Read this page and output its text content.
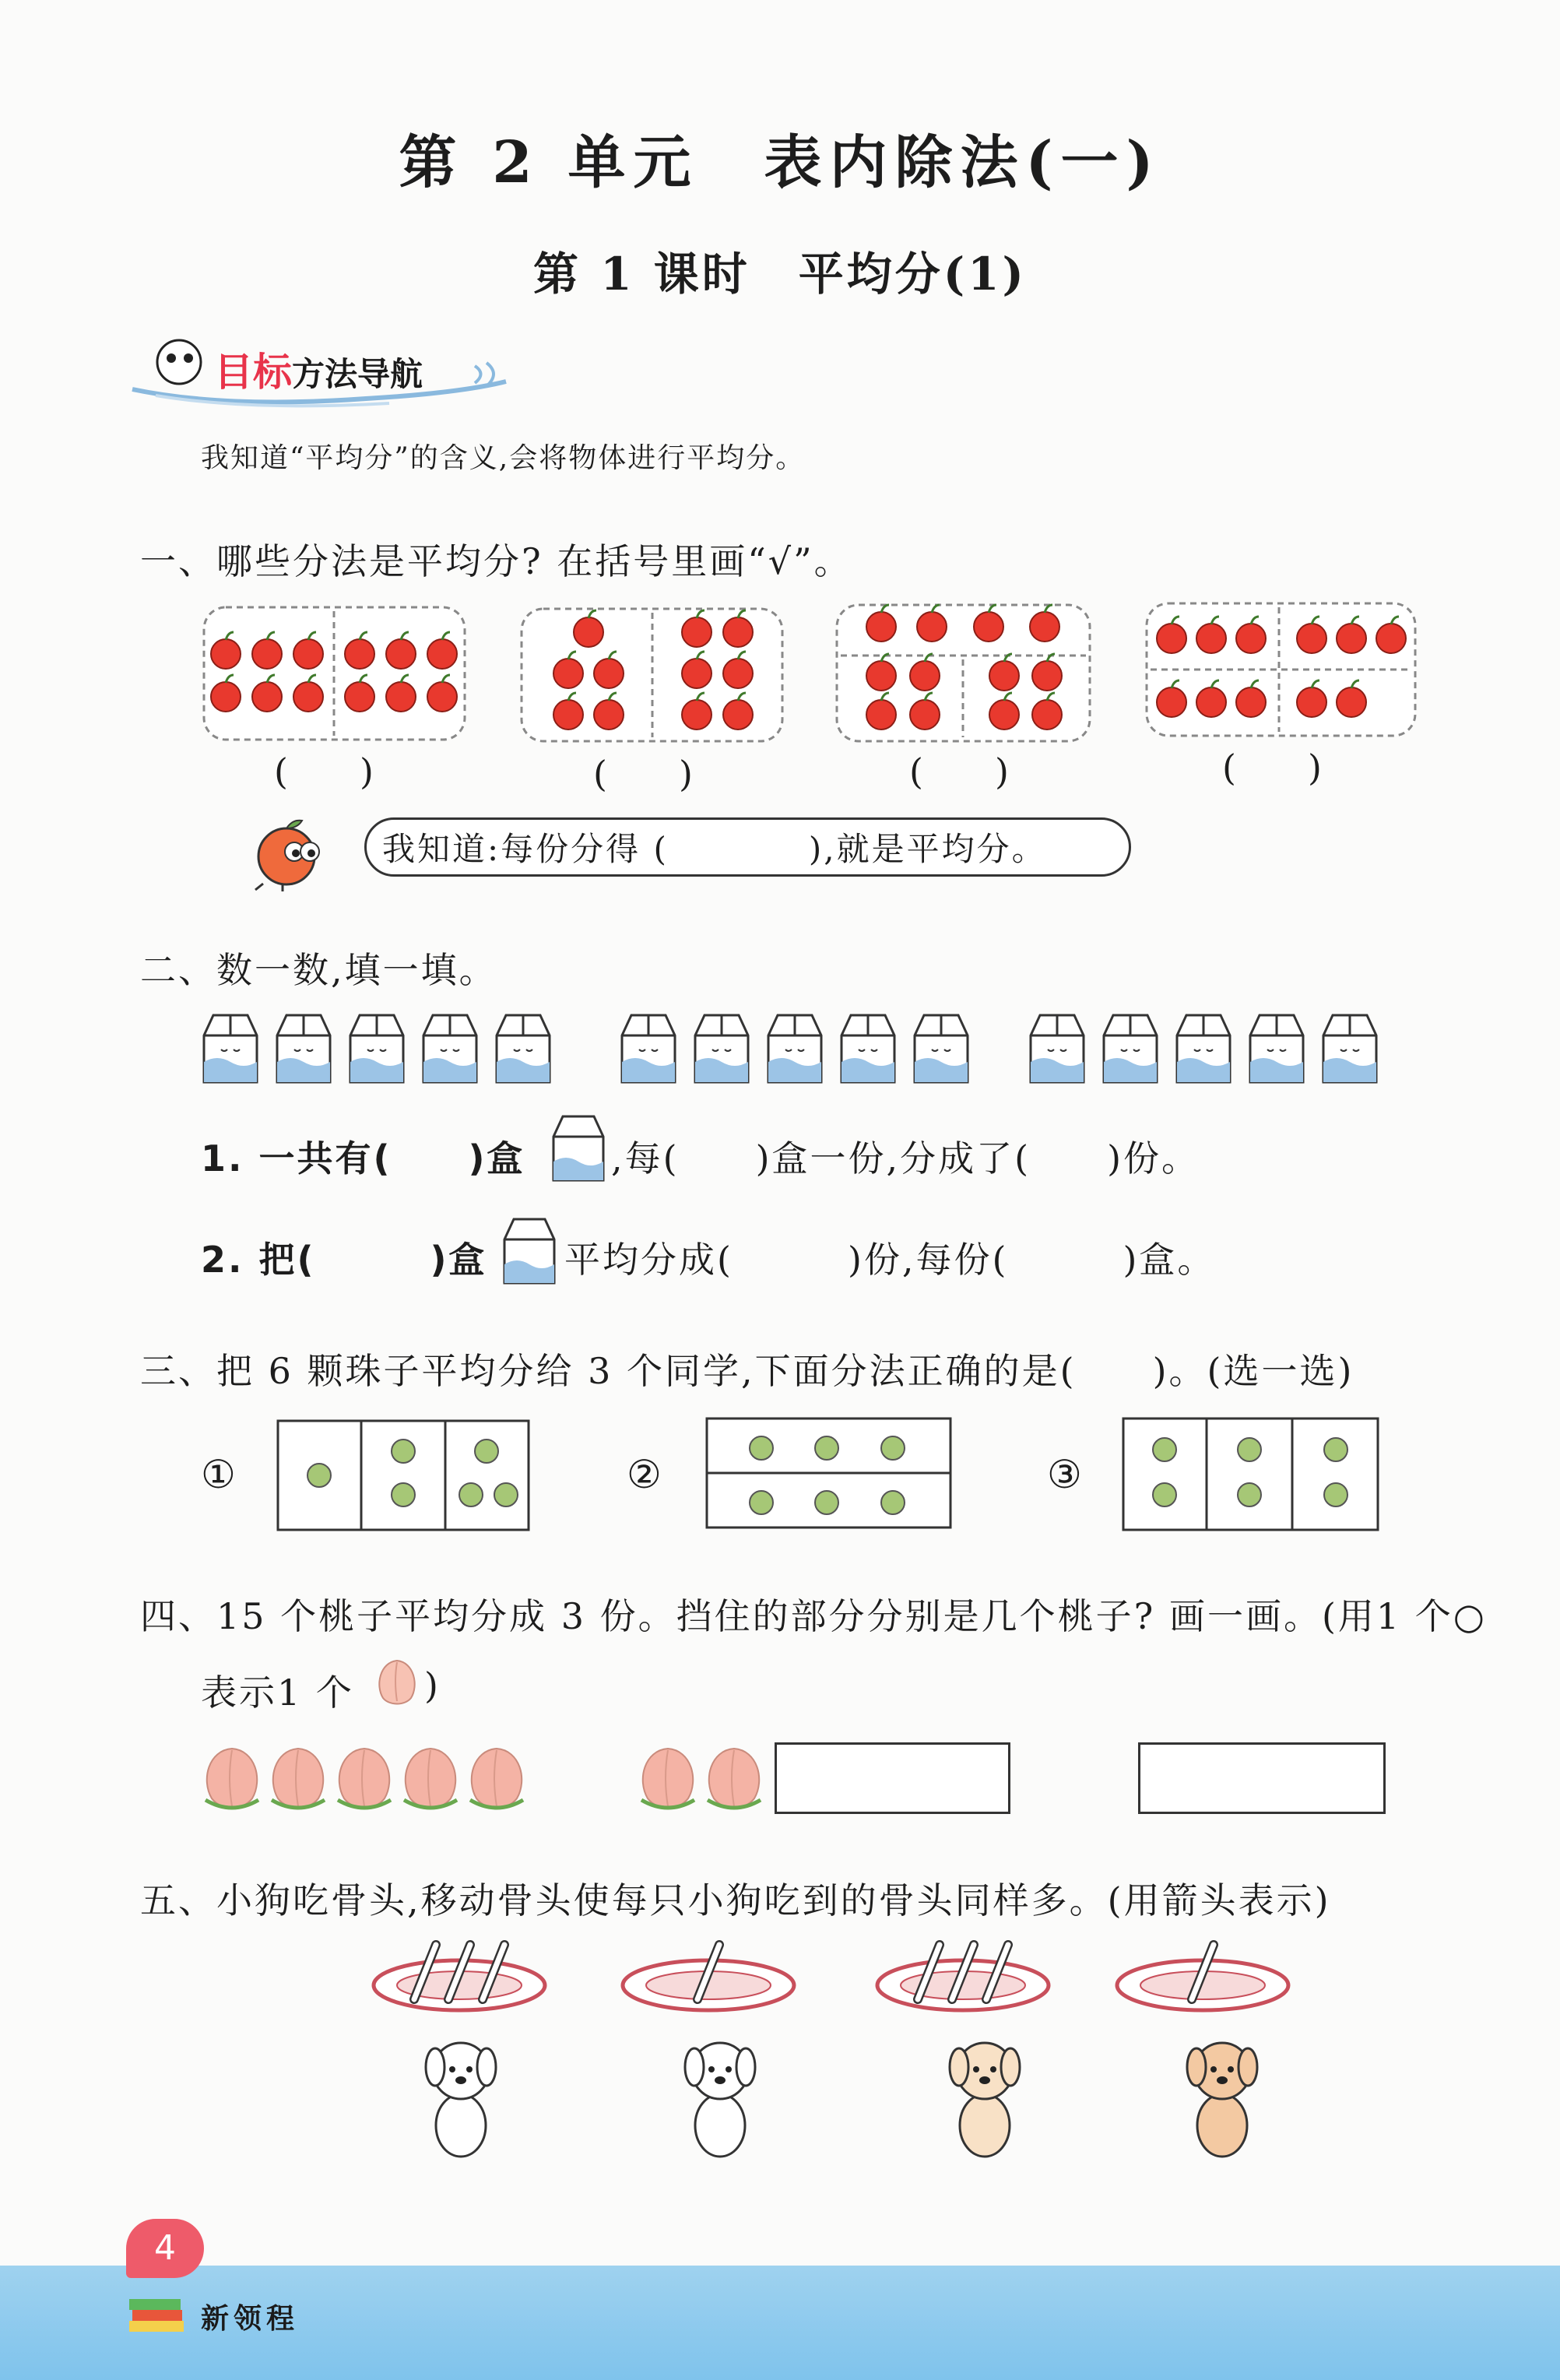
第 2 单元　表内除法(一)
第 1 课时　平均分(1)
目标方法导航
我知道“平均分”的含义,会将物体进行平均分。
一、哪些分法是平均分? 在括号里画“√”。
(　　)	(　　)	(　　)	(　　)
我知道:每份分得 (　　　　),就是平均分。
二、数一数,填一填。
1. 一共有(　　)盒 ,每(　　)盒一份,分成了(　　)份。
2. 把(　　　)盒 平均分成(　　　)份,每份(　　　)盒。
三、把 6 颗珠子平均分给 3 个同学,下面分法正确的是(　　)。(选一选)
①	②	③
四、15 个桃子平均分成 3 份。挡住的部分分别是几个桃子? 画一画。(用1 个○
表示1 个 )
五、小狗吃骨头,移动骨头使每只小狗吃到的骨头同样多。(用箭头表示)
4
新领程
